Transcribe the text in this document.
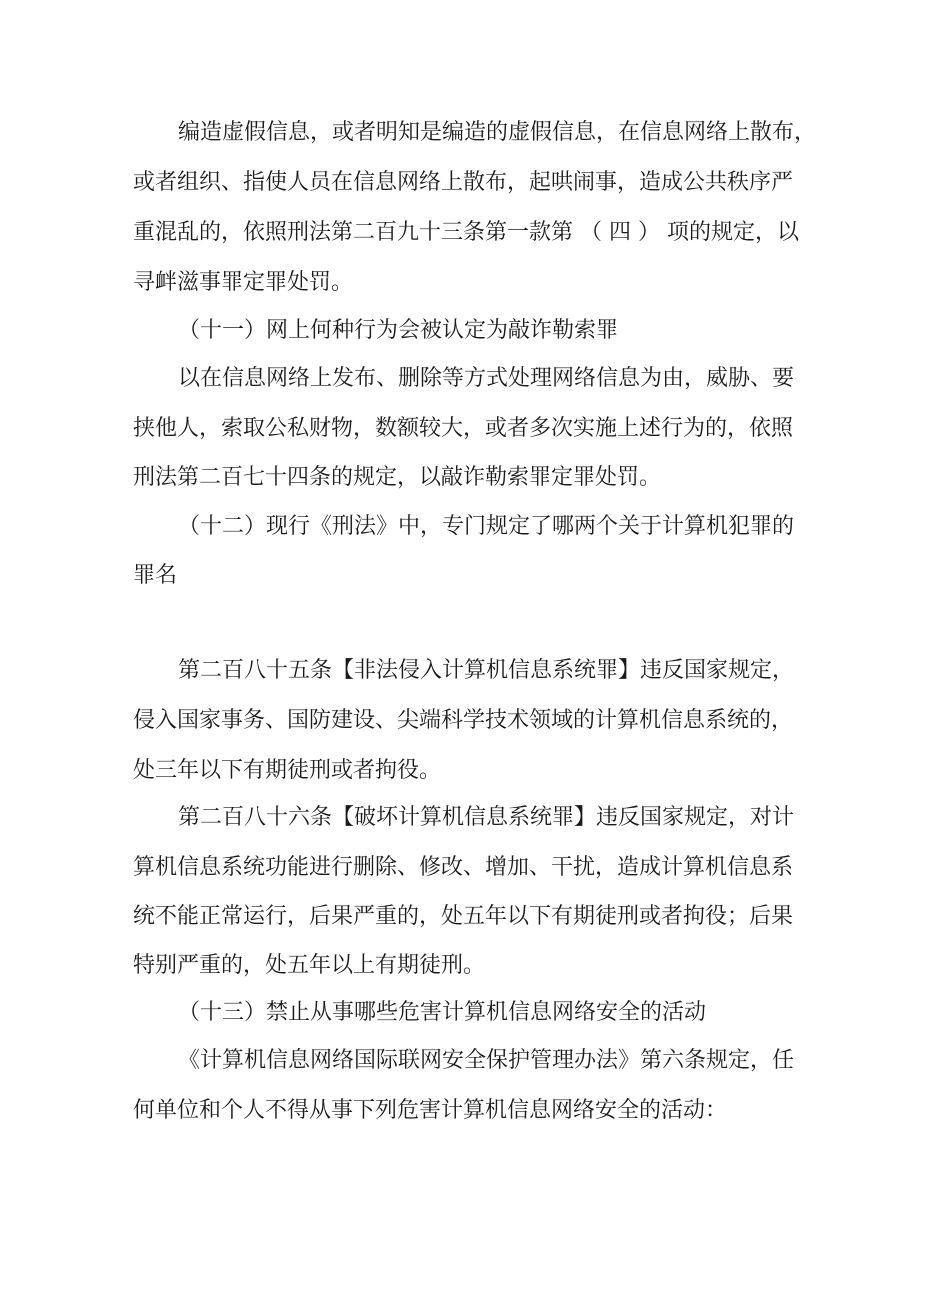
编造虚假信息，或者明知是编造的虚假信息，在信息网络上散布，

或者组织、指使人员在信息网络上散布，起哄闹事，造成公共秩序严

重混乱的，依照刑法第二百九十三条第一款第 （ 四 ） 项的规定，以

寻衅滋事罪定罪处罚。

（十一）网上何种行为会被认定为敲诈勒索罪

以在信息网络上发布、删除等方式处理网络信息为由，威胁、要

挟他人，索取公私财物，数额较大，或者多次实施上述行为的，依照

刑法第二百七十四条的规定，以敲诈勒索罪定罪处罚。

（十二）现行《刑法》中，专门规定了哪两个关于计算机犯罪的

罪名

第二百八十五条【非法侵入计算机信息系统罪】违反国家规定，

侵入国家事务、国防建设、尖端科学技术领域的计算机信息系统的，

处三年以下有期徒刑或者拘役。

第二百八十六条【破坏计算机信息系统罪】违反国家规定，对计

算机信息系统功能进行删除、修改、增加、干扰，造成计算机信息系

统不能正常运行，后果严重的，处五年以下有期徒刑或者拘役；后果

特别严重的，处五年以上有期徒刑。

（十三）禁止从事哪些危害计算机信息网络安全的活动

《计算机信息网络国际联网安全保护管理办法》第六条规定，任

何单位和个人不得从事下列危害计算机信息网络安全的活动：
